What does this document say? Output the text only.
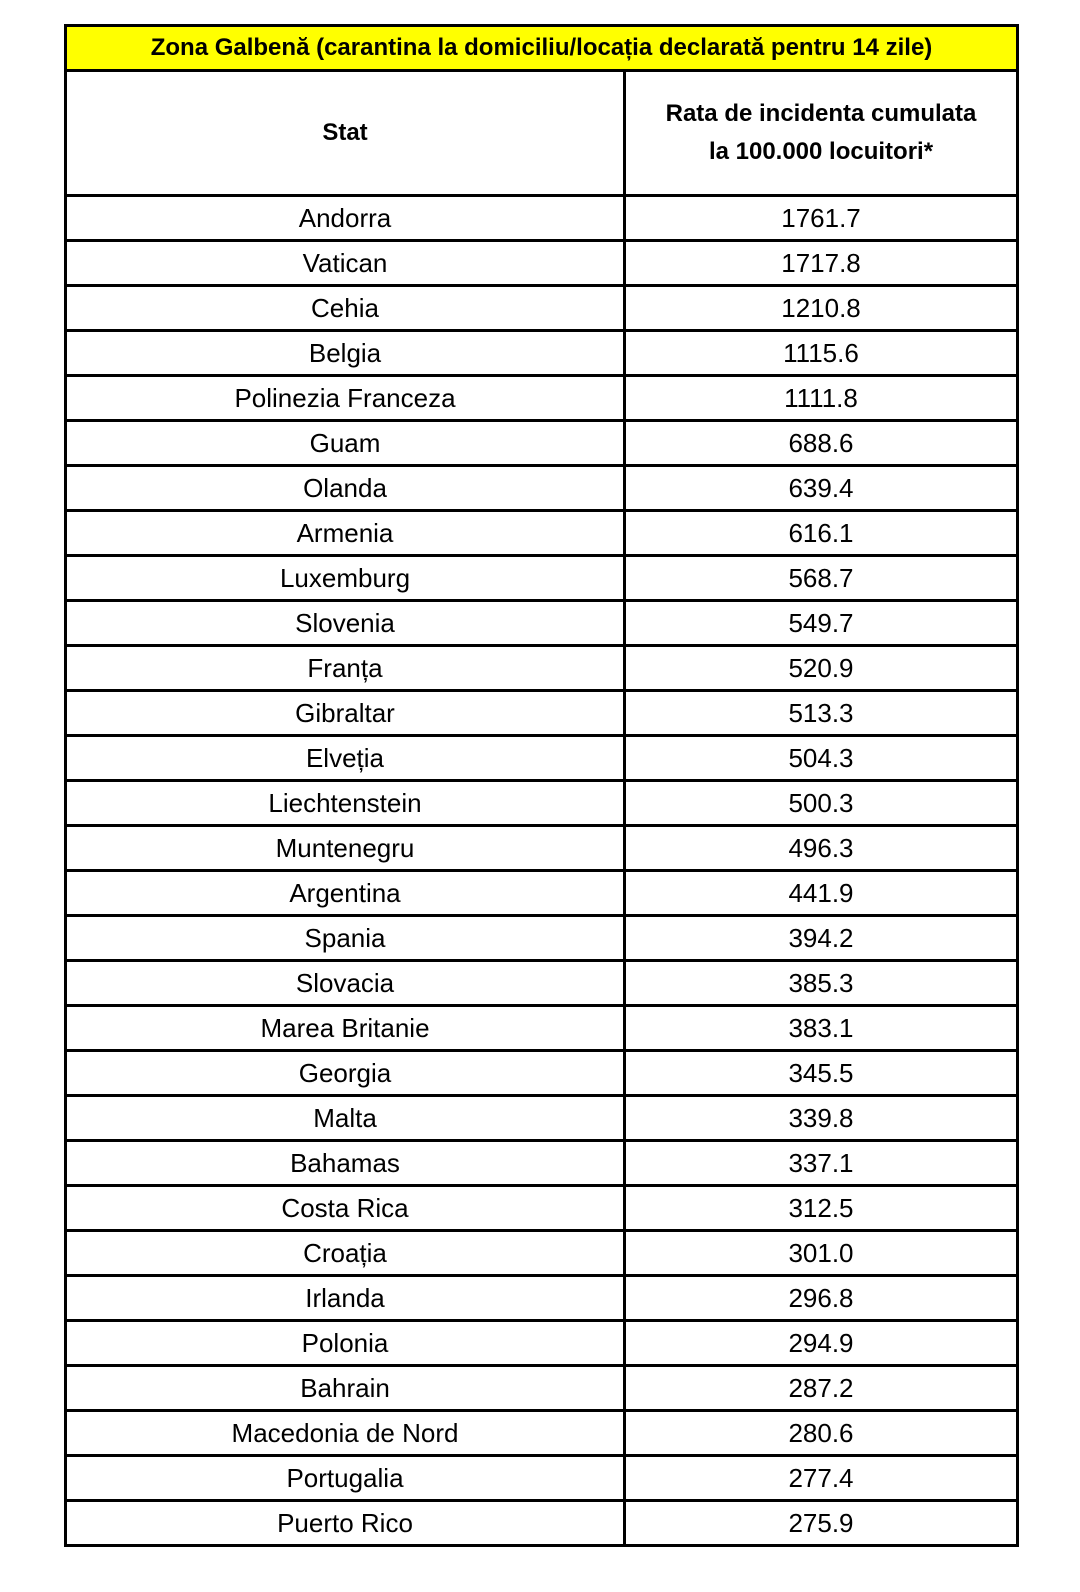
Zona Galbenă (carantina la domiciliu/locația declarată pentru 14 zile)	

Stat	Rata de incidenta cumulata
la 100.000 locuitori*

Andorra	1761.7
Vatican	1717.8
Cehia	1210.8
Belgia	1115.6
Polinezia Franceza	1111.8
Guam	688.6
Olanda	639.4
Armenia	616.1
Luxemburg	568.7
Slovenia	549.7
Franța	520.9
Gibraltar	513.3
Elveția	504.3
Liechtenstein	500.3
Muntenegru	496.3
Argentina	441.9
Spania	394.2
Slovacia	385.3
Marea Britanie	383.1
Georgia	345.5
Malta	339.8
Bahamas	337.1
Costa Rica	312.5
Croația	301.0
Irlanda	296.8
Polonia	294.9
Bahrain	287.2
Macedonia de Nord	280.6
Portugalia	277.4
Puerto Rico	275.9
